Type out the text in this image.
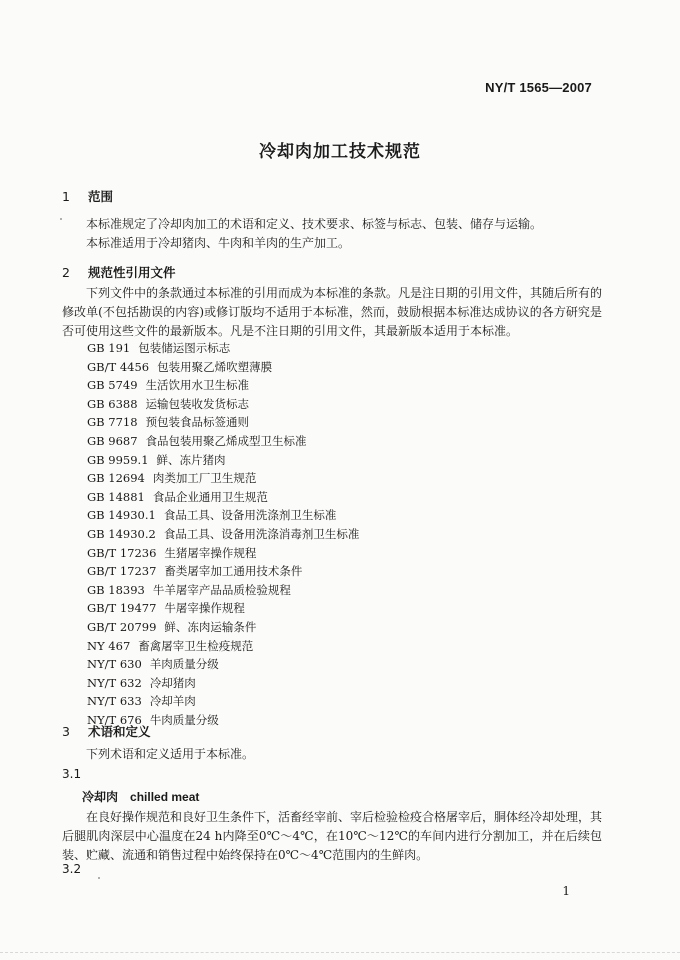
NY/T 1565—2007
冷却肉加工技术规范
1 范围
本标准规定了冷却肉加工的术语和定义、技术要求、标签与标志、包装、储存与运输。
本标准适用于冷却猪肉、牛肉和羊肉的生产加工。
2 规范性引用文件
下列文件中的条款通过本标准的引用而成为本标准的条款。凡是注日期的引用文件，其随后所有的修改单(不包括勘误的内容)或修订版均不适用于本标准，然而，鼓励根据本标准达成协议的各方研究是否可使用这些文件的最新版本。凡是不注日期的引用文件，其最新版本适用于本标准。
GB 191 包装储运图示标志
GB/T 4456 包装用聚乙烯吹塑薄膜
GB 5749 生活饮用水卫生标准
GB 6388 运输包装收发货标志
GB 7718 预包装食品标签通则
GB 9687 食品包装用聚乙烯成型卫生标准
GB 9959.1 鲜、冻片猪肉
GB 12694 肉类加工厂卫生规范
GB 14881 食品企业通用卫生规范
GB 14930.1 食品工具、设备用洗涤剂卫生标准
GB 14930.2 食品工具、设备用洗涤消毒剂卫生标准
GB/T 17236 生猪屠宰操作规程
GB/T 17237 畜类屠宰加工通用技术条件
GB 18393 牛羊屠宰产品品质检验规程
GB/T 19477 牛屠宰操作规程
GB/T 20799 鲜、冻肉运输条件
NY 467 畜禽屠宰卫生检疫规范
NY/T 630 羊肉质量分级
NY/T 632 冷却猪肉
NY/T 633 冷却羊肉
NY/T 676 牛肉质量分级
3 术语和定义
下列术语和定义适用于本标准。
3.1
冷却肉 chilled meat
在良好操作规范和良好卫生条件下，活畜经宰前、宰后检验检疫合格屠宰后，胴体经冷却处理，其后腿肌肉深层中心温度在24 h内降至0℃～4℃，在10℃～12℃的车间内进行分割加工，并在后续包装、贮藏、流通和销售过程中始终保持在0℃～4℃范围内的生鲜肉。
3.2
1
